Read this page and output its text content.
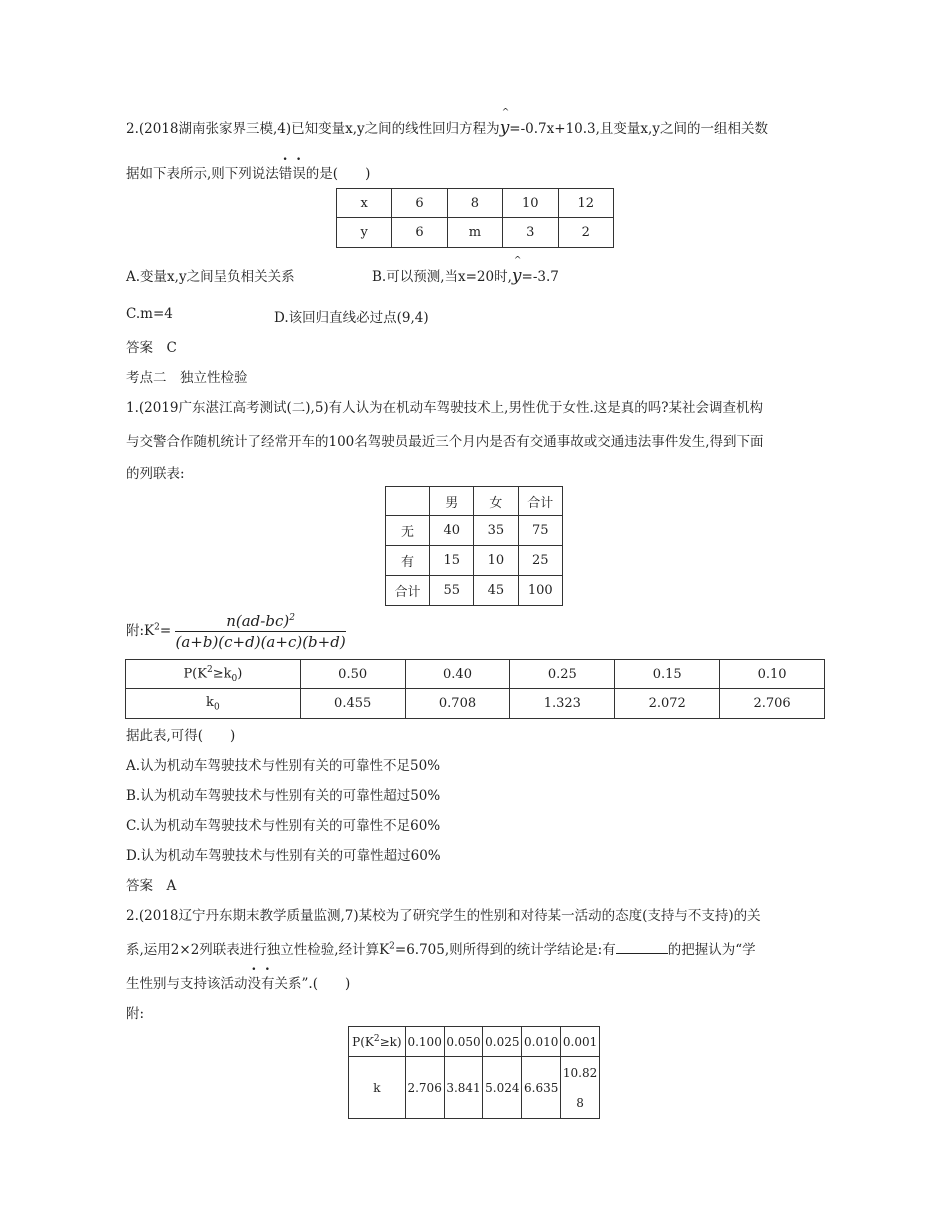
2.(2018湖南张家界三模,4)已知变量x,y之间的线性回归方程为^ y=-0.7x+10.3,且变量x,y之间的一组相关数
据如下表所示,则下列说法错误的是(　　)
x	6	8	10	12
y	6	m	3	2
A.变量x,y之间呈负相关关系	B.可以预测,当x=20时,^ y=-3.7
C.m=4	D.该回归直线必过点(9,4)
答案　C
考点二　独立性检验
1.(2019广东湛江高考测试(二),5)有人认为在机动车驾驶技术上,男性优于女性.这是真的吗?某社会调查机构
与交警合作随机统计了经常开车的100名驾驶员最近三个月内是否有交通事故或交通违法事件发生,得到下面
的列联表:
	男	女	合计
无	40	35	75
有	15	10	25
合计	55	45	100
附$:K^2= \frac{n(ad-bc)^2}{(a+b)(c+d)(a+c)(b+d)}$
$P(K^2\ge k_0)$	0.50	0.40	0.25	0.15	0.10
$k_0$	0.455	0.708	1.323	2.072	2.706
据此表,可得(　　)
A.认为机动车驾驶技术与性别有关的可靠性不足50%
B.认为机动车驾驶技术与性别有关的可靠性超过50%
C.认为机动车驾驶技术与性别有关的可靠性不足60%
D.认为机动车驾驶技术与性别有关的可靠性超过60%
答案　A
2.(2018辽宁丹东期末教学质量监测,7)某校为了研究学生的性别和对待某一活动的态度(支持与不支持)的关
系,运用2×2列联表进行独立性检验,经计算$K^2=6.705$,则所得到的统计学结论是:有	的把握认为“学
生性别与支持该活动没有关系”.(　　)
附:
$P(K^2\ge k)$	0.100	0.050	0.025	0.010	0.001
k	2.706	3.841	5.024	6.635	10.82
8
